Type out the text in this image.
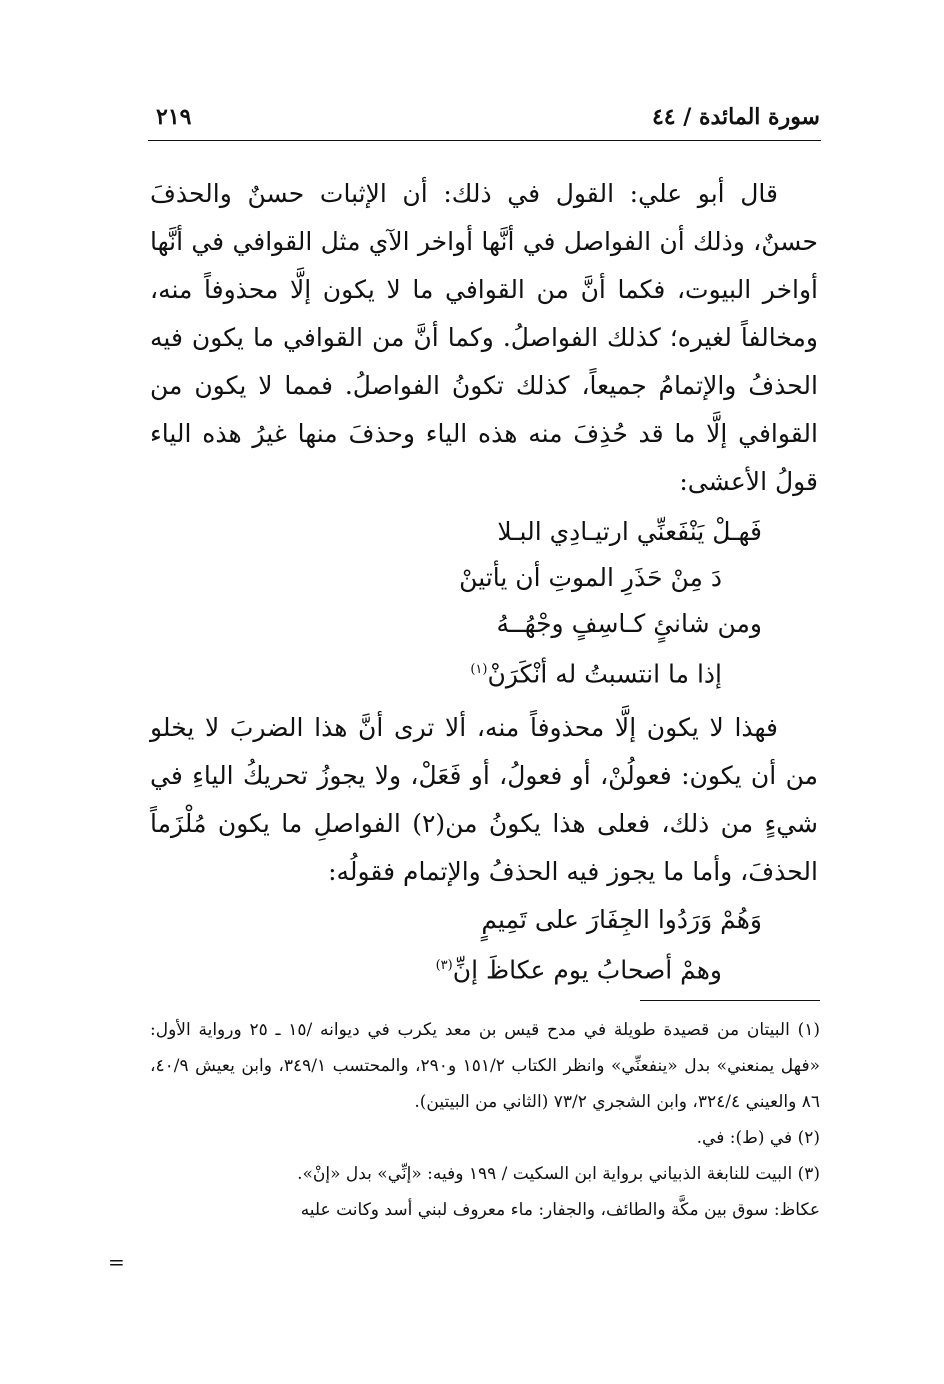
سورة المائدة / ٤٤
٢١٩

قال أبو علي: القول في ذلك: أن الإثبات حسنٌ والحذفَ حسنٌ، وذلك أن الفواصل في أنَّها أواخر الآي مثل القوافي في أنَّها أواخر البيوت، فكما أنَّ من القوافي ما لا يكون إلَّا محذوفاً منه، ومخالفاً لغيره؛ كذلك الفواصلُ. وكما أنَّ من القوافي ما يكون فيه الحذفُ والإتمامُ جميعاً، كذلك تكونُ الفواصلُ. فمما لا يكون من القوافي إلَّا ما قد حُذِفَ منه هذه الياء وحذفَ منها غيرُ هذه الياء قولُ الأعشى:

فَهـلْ يَنْفَعنِّي ارتيـادِي البـلا
دَ مِنْ حَذَرِ الموتِ أن يأتينْ
ومن شانئٍ كـاسِفٍ وجْهُــهُ
إذا ما انتسبتُ له أنْكَرَنْ$^{(١)}$

فهذا لا يكون إلَّا محذوفاً منه، ألا ترى أنَّ هذا الضربَ لا يخلو من أن يكون: فعولُنْ، أو فعولُ، أو فَعَلْ، ولا يجوزُ تحريكُ الياءِ في شيءٍ من ذلك، فعلى هذا يكونُ من(٢) الفواصلِ ما يكون مُلْزَماً الحذفَ، وأما ما يجوز فيه الحذفُ والإتمام فقولُه:

وَهُمْ وَرَدُوا الجِفَارَ على تَمِيمٍ
وهمْ أصحابُ يوم عكاظَ إنِّ$^{(٣)}$

(١) البيتان من قصيدة طويلة في مدح قيس بن معد يكرب في ديوانه /١٥ ـ ٢٥ ورواية الأول: «فهل يمنعني» بدل «ينفعنِّي» وانظر الكتاب ١٥١/٢ و٢٩٠، والمحتسب ٣٤٩/١، وابن يعيش ٤٠/٩، ٨٦ والعيني ٣٢٤/٤، وابن الشجري ٧٣/٢ (الثاني من البيتين).

(٢) في (ط): في.

(٣) البيت للنابغة الذبياني برواية ابن السكيت / ١٩٩ وفيه: «إنِّي» بدل «إنْ».

عكاظ: سوق بين مكَّة والطائف، والجفار: ماء معروف لبني أسد وكانت عليه

=
